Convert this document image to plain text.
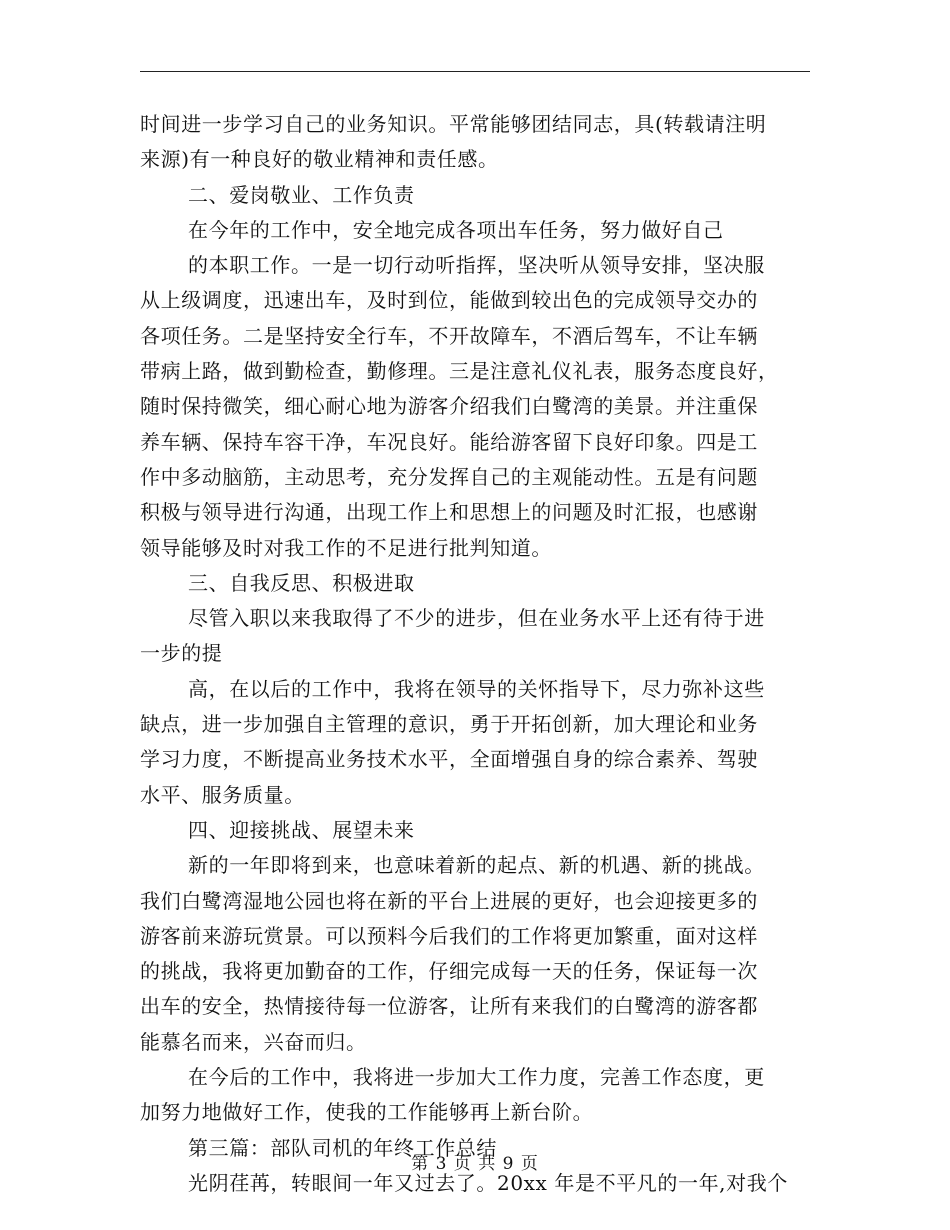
时间进一步学习自己的业务知识。平常能够团结同志，具(转载请注明
来源)有一种良好的敬业精神和责任感。
二、爱岗敬业、工作负责
在今年的工作中，安全地完成各项出车任务，努力做好自己
的本职工作。一是一切行动听指挥，坚决听从领导安排，坚决服
从上级调度，迅速出车，及时到位，能做到较出色的完成领导交办的
各项任务。二是坚持安全行车，不开故障车，不酒后驾车，不让车辆
带病上路，做到勤检查，勤修理。三是注意礼仪礼表，服务态度良好，
随时保持微笑，细心耐心地为游客介绍我们白鹭湾的美景。并注重保
养车辆、保持车容干净，车况良好。能给游客留下良好印象。四是工
作中多动脑筋，主动思考，充分发挥自己的主观能动性。五是有问题
积极与领导进行沟通，出现工作上和思想上的问题及时汇报，也感谢
领导能够及时对我工作的不足进行批判知道。
三、自我反思、积极进取
尽管入职以来我取得了不少的进步，但在业务水平上还有待于进
一步的提
高，在以后的工作中，我将在领导的关怀指导下，尽力弥补这些
缺点，进一步加强自主管理的意识，勇于开拓创新，加大理论和业务
学习力度，不断提高业务技术水平，全面增强自身的综合素养、驾驶
水平、服务质量。
四、迎接挑战、展望未来
新的一年即将到来，也意味着新的起点、新的机遇、新的挑战。
我们白鹭湾湿地公园也将在新的平台上进展的更好，也会迎接更多的
游客前来游玩赏景。可以预料今后我们的工作将更加繁重，面对这样
的挑战，我将更加勤奋的工作，仔细完成每一天的任务，保证每一次
出车的安全，热情接待每一位游客，让所有来我们的白鹭湾的游客都
能慕名而来，兴奋而归。
在今后的工作中，我将进一步加大工作力度，完善工作态度，更
加努力地做好工作，使我的工作能够再上新台阶。
第三篇：部队司机的年终工作总结
光阴荏苒，转眼间一年又过去了。20xx 年是不平凡的一年,对我个
第 3 页 共 9 页
